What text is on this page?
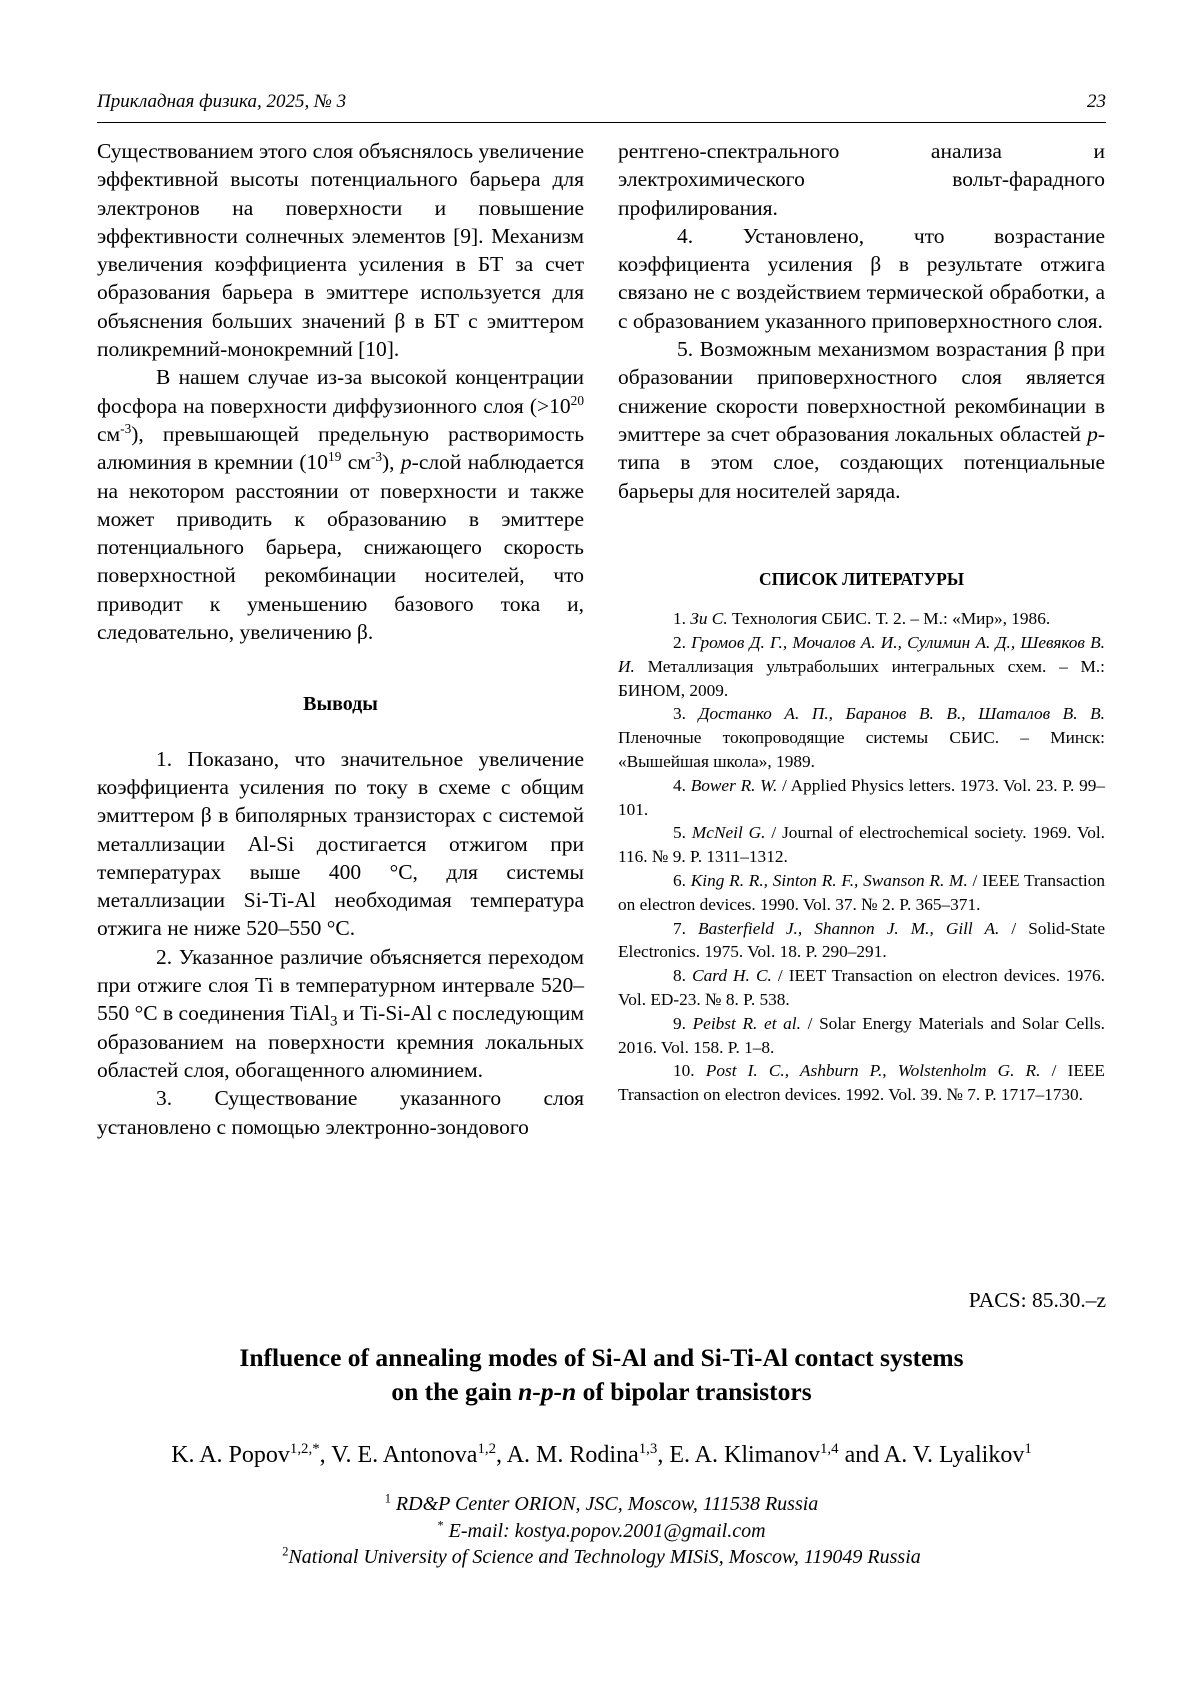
Прикладная физика, 2025, № 3	23

Существованием этого слоя объяснялось увеличение эффективной высоты потенциального барьера для электронов на поверхности и повышение эффективности солнечных элементов [9]. Механизм увеличения коэффициента усиления в БТ за счет образования барьера в эмиттере используется для объяснения больших значений β в БТ с эмиттером поликремний-монокремний [10].

В нашем случае из-за высокой концентрации фосфора на поверхности диффузионного слоя ($>10^{20}$ $см^{-3}$), превышающей предельную растворимость алюминия в кремнии ($10^{19}$ $см^{-3}$), p-слой наблюдается на некотором расстоянии от поверхности и также может приводить к образованию в эмиттере потенциального барьера, снижающего скорость поверхностной рекомбинации носителей, что приводит к уменьшению базового тока и, следовательно, увеличению β.

Выводы

1. Показано, что значительное увеличение коэффициента усиления по току в схеме с общим эмиттером β в биполярных транзисторах с системой металлизации Al-Si достигается отжигом при температурах выше 400 °С, для системы металлизации Si-Ti-Al необходимая температура отжига не ниже 520–550 °С.

2. Указанное различие объясняется переходом при отжиге слоя Ti в температурном интервале 520–550 °С в соединения TiAl$_3$ и Ti-Si-Al с последующим образованием на поверхности кремния локальных областей слоя, обогащенного алюминием.

3. Существование указанного слоя установлено с помощью электронно-зондового

рентгено-спектрального анализа и электрохимического вольт-фарадного профилирования.

4. Установлено, что возрастание коэффициента усиления β в результате отжига связано не с воздействием термической обработки, а с образованием указанного приповерхностного слоя.

5. Возможным механизмом возрастания β при образовании приповерхностного слоя является снижение скорости поверхностной рекомбинации в эмиттере за счет образования локальных областей p-типа в этом слое, создающих потенциальные барьеры для носителей заряда.

СПИСОК ЛИТЕРАТУРЫ

1. Зи С. Технология СБИС. Т. 2. – М.: «Мир», 1986.

2. Громов Д. Г., Мочалов А. И., Сулимин А. Д., Шевяков В. И. Металлизация ультрабольших интегральных схем. – М.: БИНОМ, 2009.

3. Достанко А. П., Баранов В. В., Шаталов В. В. Пленочные токопроводящие системы СБИС. – Минск: «Вышейшая школа», 1989.

4. Bower R. W. / Applied Physics letters. 1973. Vol. 23. P. 99–101.

5. McNeil G. / Journal of electrochemical society. 1969. Vol. 116. № 9. P. 1311–1312.

6. King R. R., Sinton R. F., Swanson R. M. / IEEE Transaction on electron devices. 1990. Vol. 37. № 2. P. 365–371.

7. Basterfield J., Shannon J. M., Gill A. / Solid-State Electronics. 1975. Vol. 18. P. 290–291.

8. Card H. C. / IEET Transaction on electron devices. 1976. Vol. ED-23. № 8. P. 538.

9. Peibst R. et al. / Solar Energy Materials and Solar Cells. 2016. Vol. 158. P. 1–8.

10. Post I. C., Ashburn P., Wolstenholm G. R. / IEEE Transaction on electron devices. 1992. Vol. 39. № 7. P. 1717–1730.

PACS: 85.30.–z
Influence of annealing modes of Si-Al and Si-Ti-Al contact systems
on the gain n-p-n of bipolar transistors
K. A. Popov$^{1,2,*}$, V. E. Antonova$^{1,2}$, A. M. Rodina$^{1,3}$, E. A. Klimanov$^{1,4}$ and A. V. Lyalikov$^1$
$^1$ RD&P Center ORION, JSC, Moscow, 111538 Russia
* E-mail: kostya.popov.2001@gmail.com
$^2$National University of Science and Technology MISiS, Moscow, 119049 Russia
